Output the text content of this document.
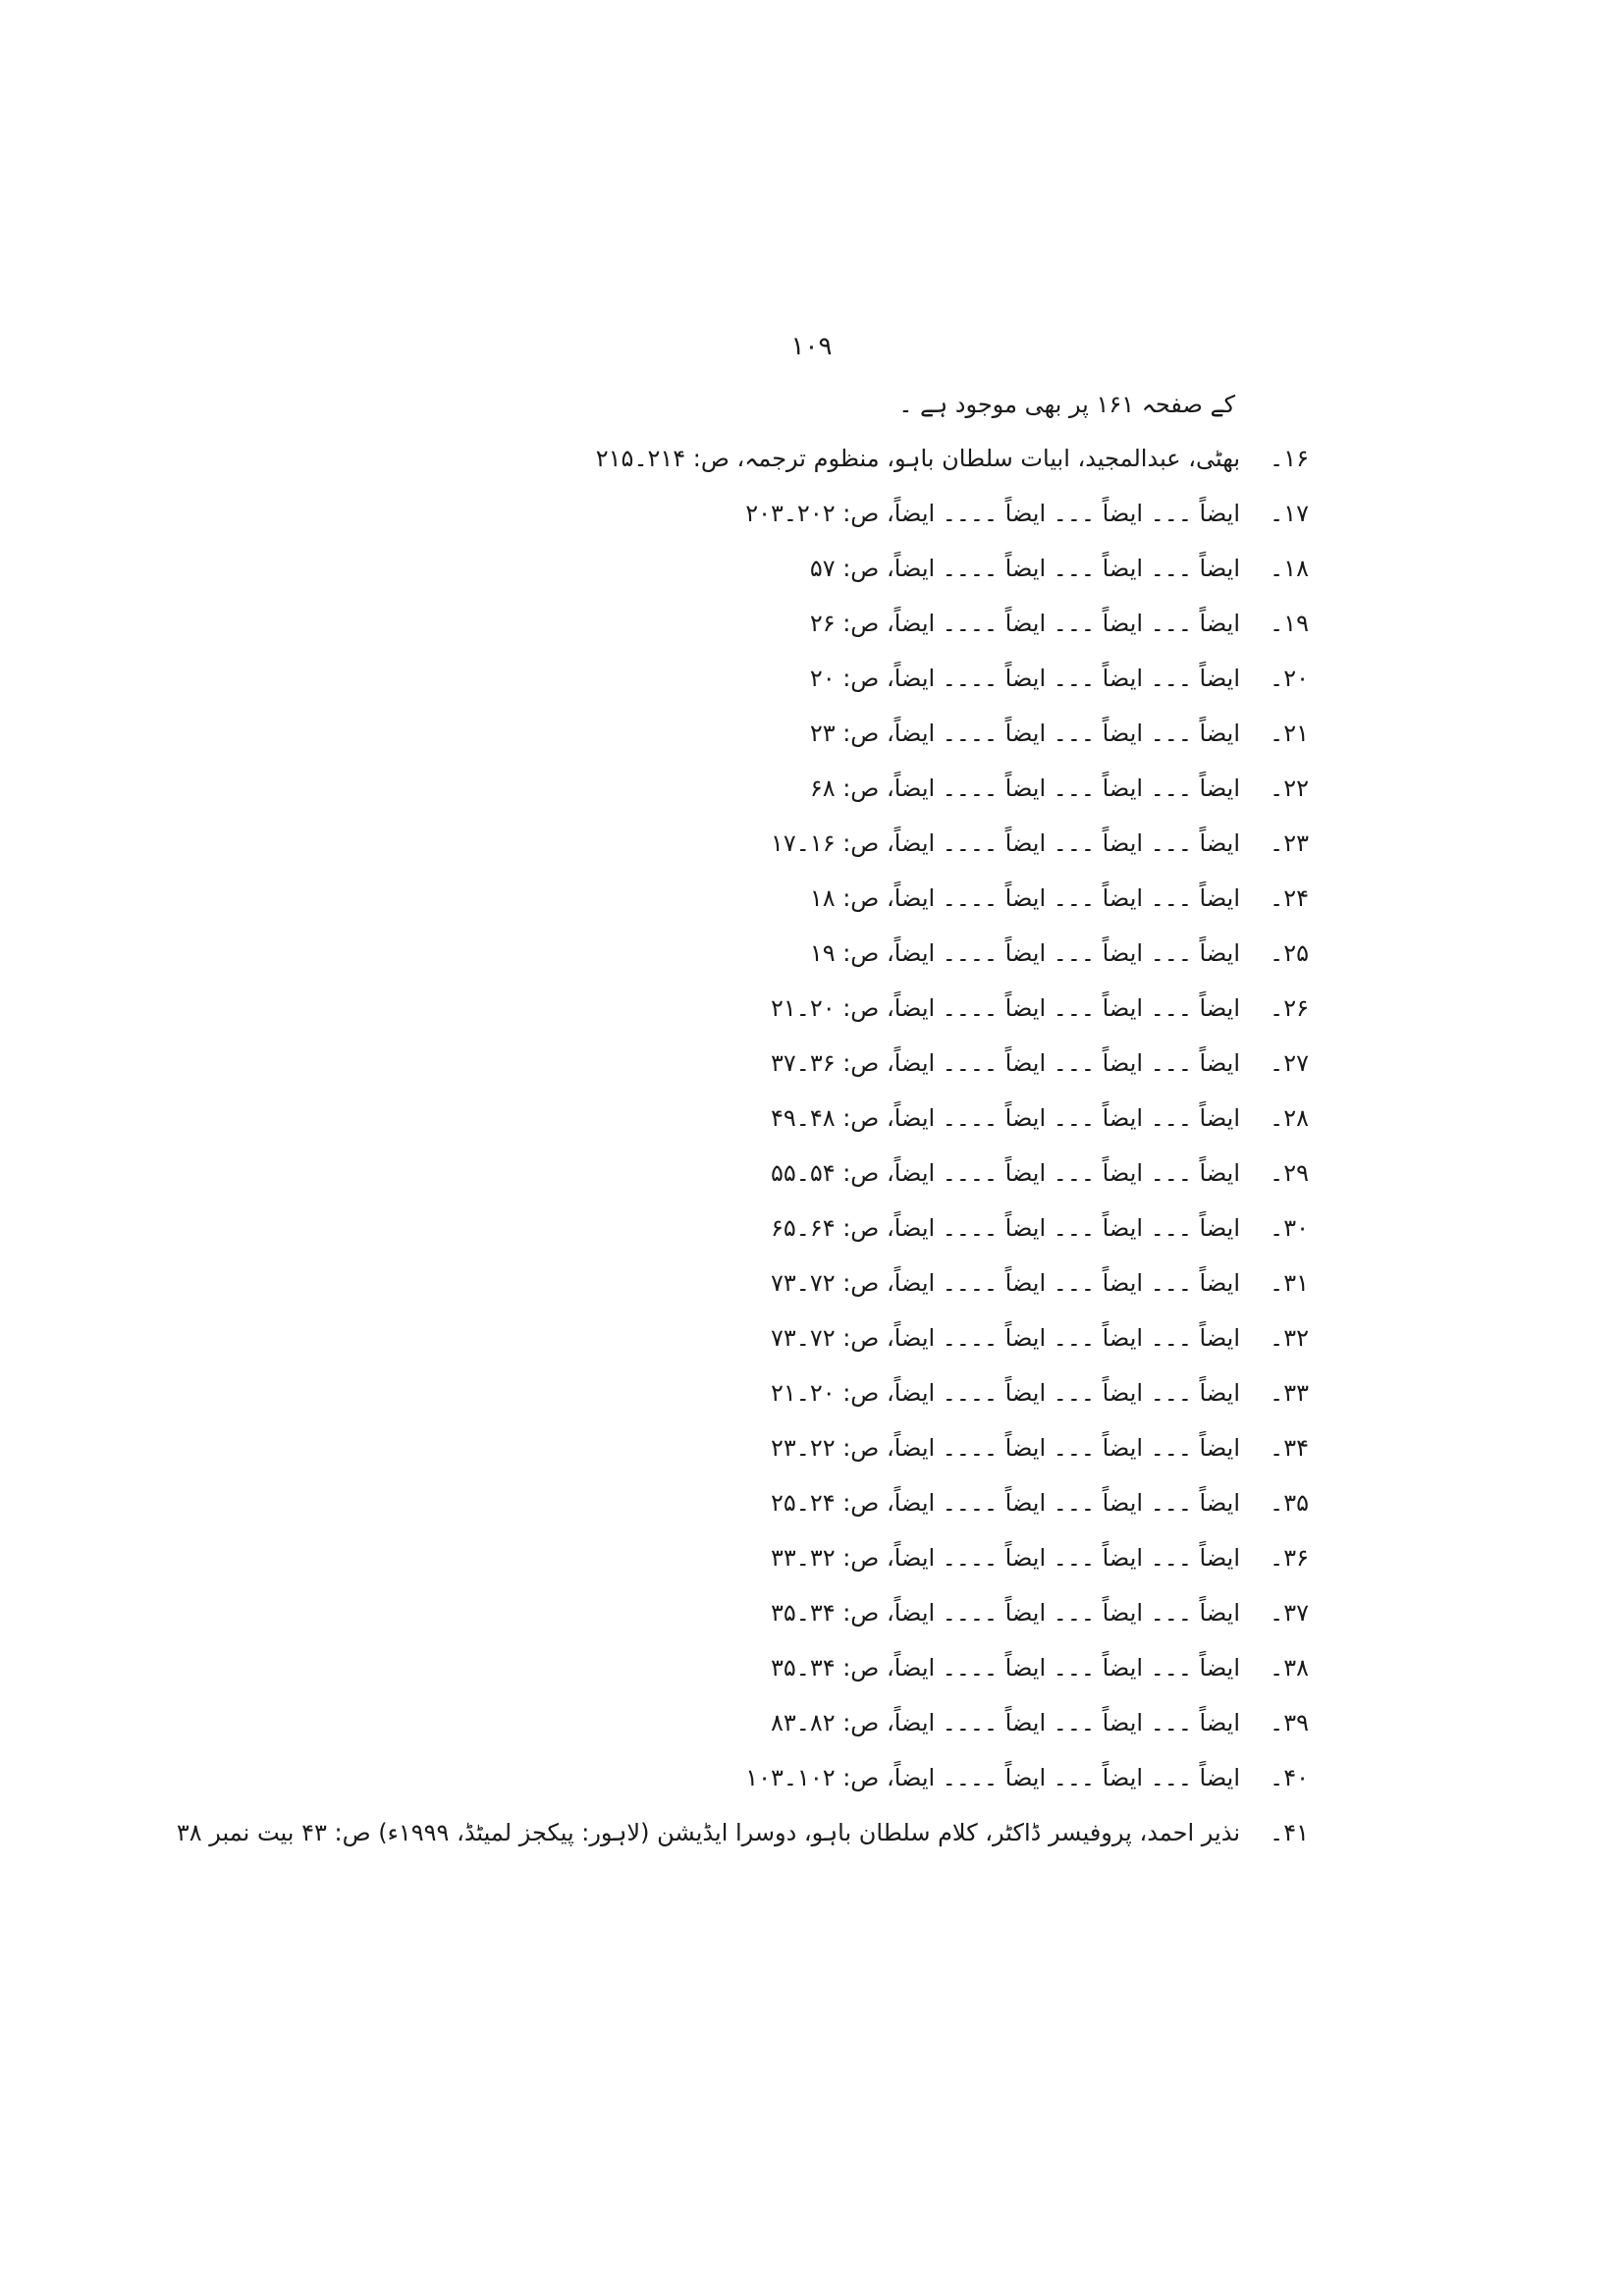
۱۰۹
کے صفحہ ۱۶۱ پر بھی موجود ہے ۔
۱۶۔بھٹی، عبدالمجید، ابیات سلطان باہو، منظوم ترجمہ، ص: ۲۱۴۔۲۱۵
۱۷۔ایضاً ۔۔۔ ایضاً ۔۔۔ ایضاً ۔۔۔۔ ایضاً، ص: ۲۰۲۔۲۰۳
۱۸۔ایضاً ۔۔۔ ایضاً ۔۔۔ ایضاً ۔۔۔۔ ایضاً، ص: ۵۷
۱۹۔ایضاً ۔۔۔ ایضاً ۔۔۔ ایضاً ۔۔۔۔ ایضاً، ص: ۲۶
۲۰۔ایضاً ۔۔۔ ایضاً ۔۔۔ ایضاً ۔۔۔۔ ایضاً، ص: ۲۰
۲۱۔ایضاً ۔۔۔ ایضاً ۔۔۔ ایضاً ۔۔۔۔ ایضاً، ص: ۲۳
۲۲۔ایضاً ۔۔۔ ایضاً ۔۔۔ ایضاً ۔۔۔۔ ایضاً، ص: ۶۸
۲۳۔ایضاً ۔۔۔ ایضاً ۔۔۔ ایضاً ۔۔۔۔ ایضاً، ص: ۱۶۔۱۷
۲۴۔ایضاً ۔۔۔ ایضاً ۔۔۔ ایضاً ۔۔۔۔ ایضاً، ص: ۱۸
۲۵۔ایضاً ۔۔۔ ایضاً ۔۔۔ ایضاً ۔۔۔۔ ایضاً، ص: ۱۹
۲۶۔ایضاً ۔۔۔ ایضاً ۔۔۔ ایضاً ۔۔۔۔ ایضاً، ص: ۲۰۔۲۱
۲۷۔ایضاً ۔۔۔ ایضاً ۔۔۔ ایضاً ۔۔۔۔ ایضاً، ص: ۳۶۔۳۷
۲۸۔ایضاً ۔۔۔ ایضاً ۔۔۔ ایضاً ۔۔۔۔ ایضاً، ص: ۴۸۔۴۹
۲۹۔ایضاً ۔۔۔ ایضاً ۔۔۔ ایضاً ۔۔۔۔ ایضاً، ص: ۵۴۔۵۵
۳۰۔ایضاً ۔۔۔ ایضاً ۔۔۔ ایضاً ۔۔۔۔ ایضاً، ص: ۶۴۔۶۵
۳۱۔ایضاً ۔۔۔ ایضاً ۔۔۔ ایضاً ۔۔۔۔ ایضاً، ص: ۷۲۔۷۳
۳۲۔ایضاً ۔۔۔ ایضاً ۔۔۔ ایضاً ۔۔۔۔ ایضاً، ص: ۷۲۔۷۳
۳۳۔ایضاً ۔۔۔ ایضاً ۔۔۔ ایضاً ۔۔۔۔ ایضاً، ص: ۲۰۔۲۱
۳۴۔ایضاً ۔۔۔ ایضاً ۔۔۔ ایضاً ۔۔۔۔ ایضاً، ص: ۲۲۔۲۳
۳۵۔ایضاً ۔۔۔ ایضاً ۔۔۔ ایضاً ۔۔۔۔ ایضاً، ص: ۲۴۔۲۵
۳۶۔ایضاً ۔۔۔ ایضاً ۔۔۔ ایضاً ۔۔۔۔ ایضاً، ص: ۳۲۔۳۳
۳۷۔ایضاً ۔۔۔ ایضاً ۔۔۔ ایضاً ۔۔۔۔ ایضاً، ص: ۳۴۔۳۵
۳۸۔ایضاً ۔۔۔ ایضاً ۔۔۔ ایضاً ۔۔۔۔ ایضاً، ص: ۳۴۔۳۵
۳۹۔ایضاً ۔۔۔ ایضاً ۔۔۔ ایضاً ۔۔۔۔ ایضاً، ص: ۸۲۔۸۳
۴۰۔ایضاً ۔۔۔ ایضاً ۔۔۔ ایضاً ۔۔۔۔ ایضاً، ص: ۱۰۲۔۱۰۳
۴۱۔نذیر احمد، پروفیسر ڈاکٹر، کلام سلطان باہو، دوسرا ایڈیشن (لاہور: پیکجز لمیٹڈ، ۱۹۹۹ء) ص: ۴۳ بیت نمبر ۳۸
